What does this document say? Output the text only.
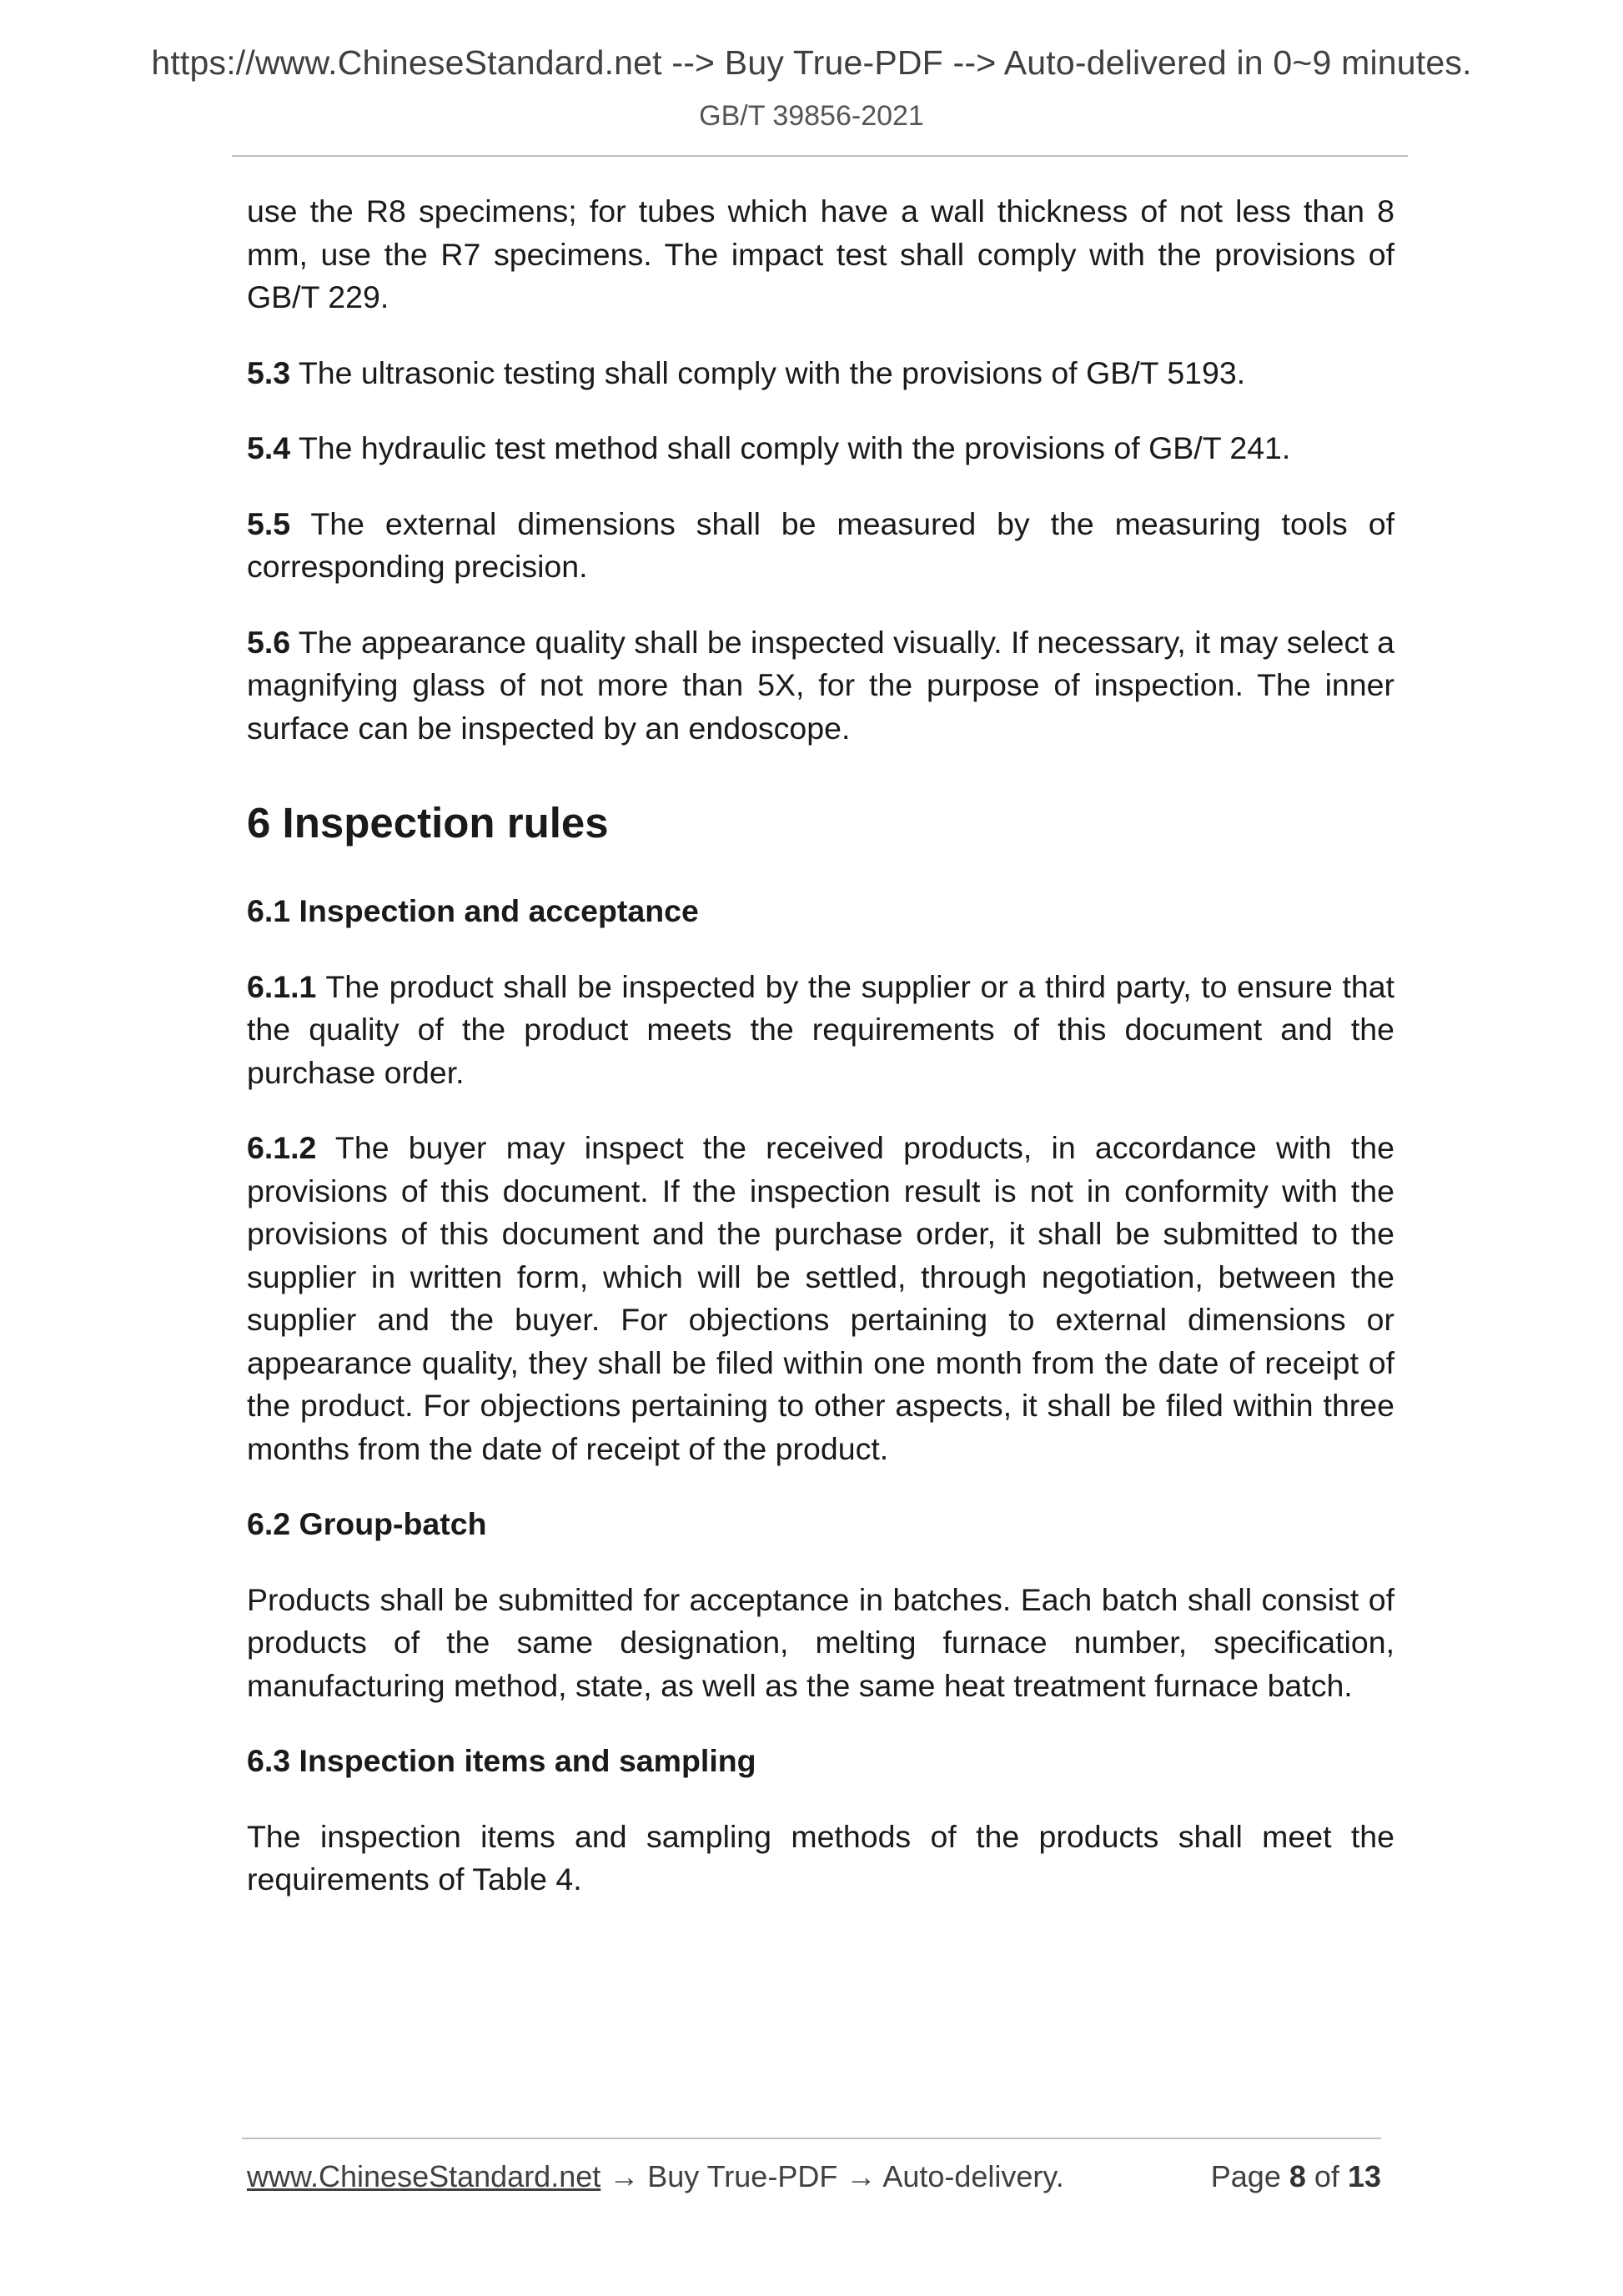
https://www.ChineseStandard.net --> Buy True-PDF --> Auto-delivered in 0~9 minutes.
GB/T 39856-2021

use the R8 specimens; for tubes which have a wall thickness of not less than 8 mm, use the R7 specimens. The impact test shall comply with the provisions of GB/T 229.

5.3 The ultrasonic testing shall comply with the provisions of GB/T 5193.

5.4 The hydraulic test method shall comply with the provisions of GB/T 241.

5.5 The external dimensions shall be measured by the measuring tools of corresponding precision.

5.6 The appearance quality shall be inspected visually. If necessary, it may select a magnifying glass of not more than 5X, for the purpose of inspection. The inner surface can be inspected by an endoscope.

6 Inspection rules
6.1 Inspection and acceptance

6.1.1 The product shall be inspected by the supplier or a third party, to ensure that the quality of the product meets the requirements of this document and the purchase order.

6.1.2 The buyer may inspect the received products, in accordance with the provisions of this document. If the inspection result is not in conformity with the provisions of this document and the purchase order, it shall be submitted to the supplier in written form, which will be settled, through negotiation, between the supplier and the buyer. For objections pertaining to external dimensions or appearance quality, they shall be filed within one month from the date of receipt of the product. For objections pertaining to other aspects, it shall be filed within three months from the date of receipt of the product.

6.2 Group-batch

Products shall be submitted for acceptance in batches. Each batch shall consist of products of the same designation, melting furnace number, specification, manufacturing method, state, as well as the same heat treatment furnace batch.

6.3 Inspection items and sampling

The inspection items and sampling methods of the products shall meet the requirements of Table 4.

www.ChineseStandard.net → Buy True-PDF → Auto-delivery.	Page 8 of 13
